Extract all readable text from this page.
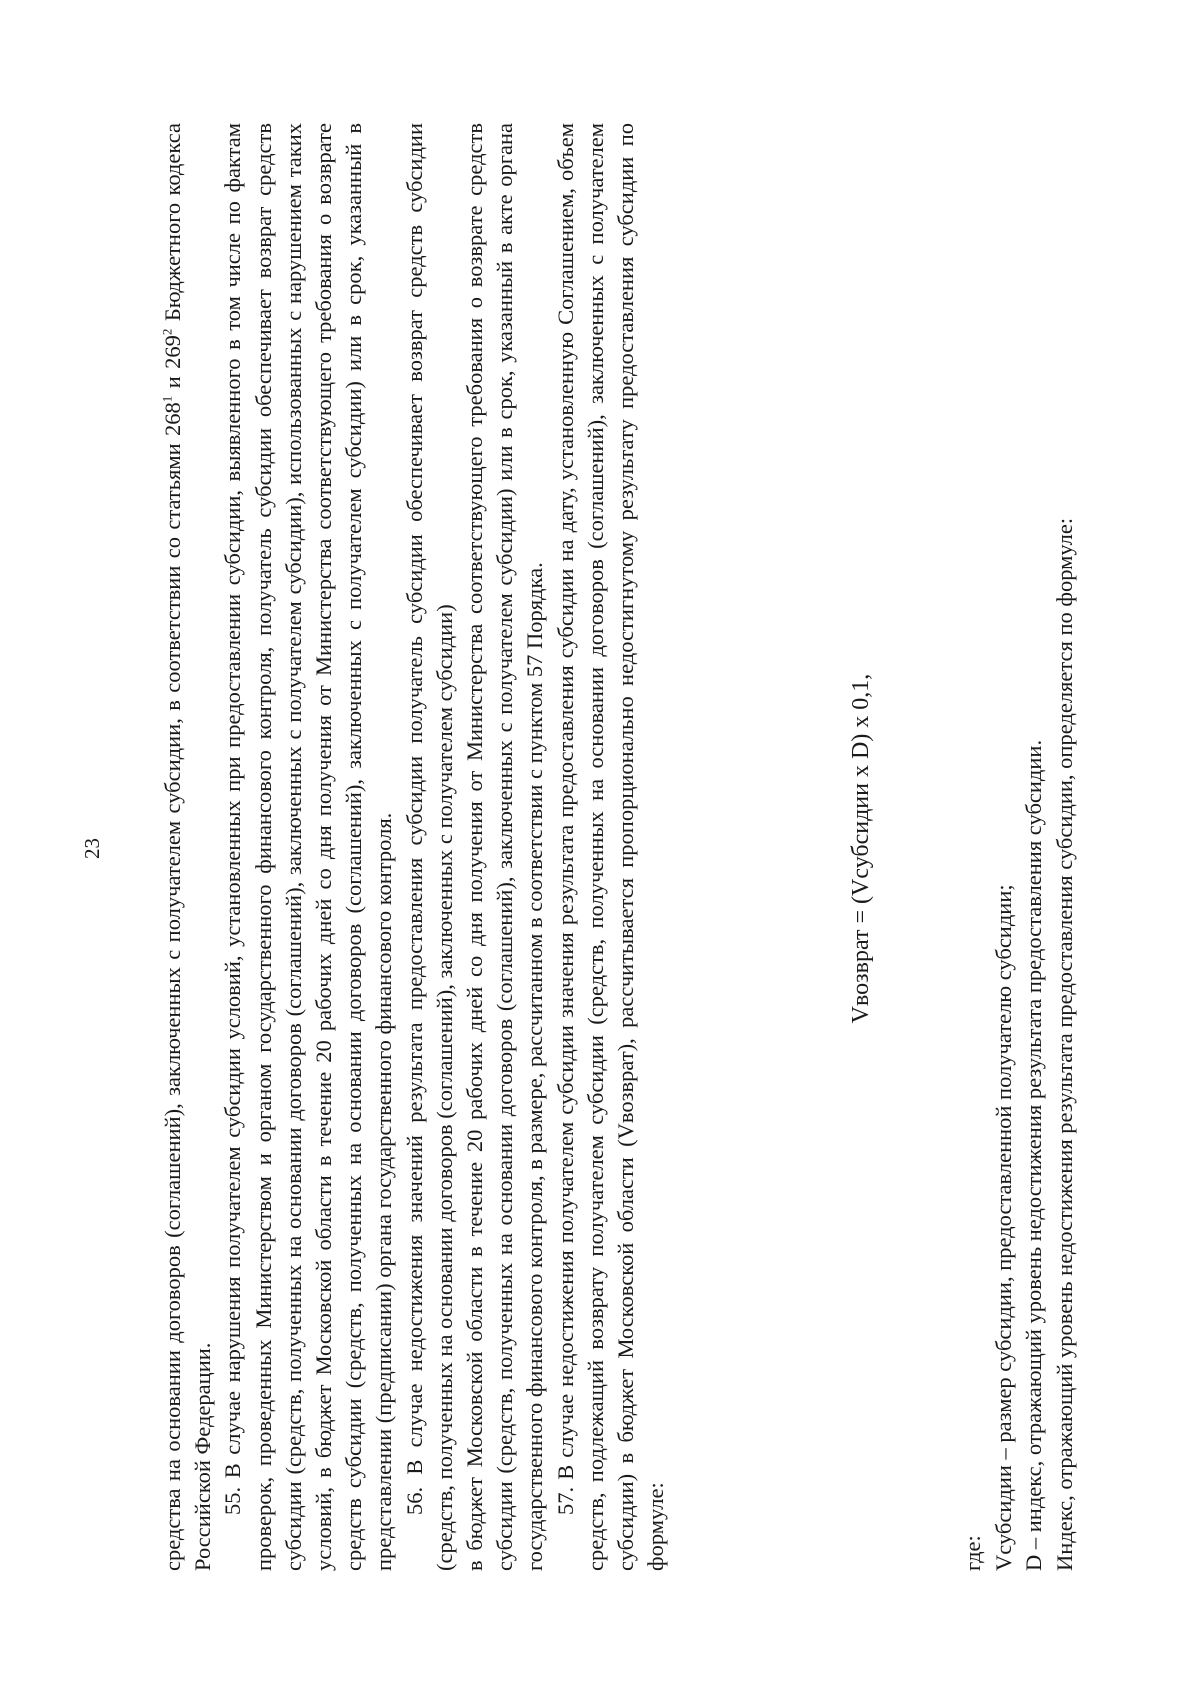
23 средства на основании договоров (соглашений), заключенных с получателем субсидии, в соответствии со статьями $268^1$ и $269^2$ Бюджетного кодекса Российской Федерации. 55. В случае нарушения получателем субсидии условий, установленных при предоставлении субсидии, выявленного в том числе по фактам проверок, проведенных Министерством и органом государственного финансового контроля, получатель субсидии обеспечивает возврат средств субсидии (средств, полученных на основании договоров (соглашений), заключенных с получателем субсидии), использованных с нарушением таких условий, в бюджет Московской области в течение 20 рабочих дней со дня получения от Министерства соответствующего требования о возврате средств субсидии (средств, полученных на основании договоров (соглашений), заключенных с получателем субсидии) или в срок, указанный в представлении (предписании) органа государственного финансового контроля. 56. В случае недостижения значений результата предоставления субсидии получатель субсидии обеспечивает возврат средств субсидии (средств, полученных на основании договоров (соглашений), заключенных с получателем субсидии) в бюджет Московской области в течение 20 рабочих дней со дня получения от Министерства соответствующего требования о возврате средств субсидии (средств, полученных на основании договоров (соглашений), заключенных с получателем субсидии) или в срок, указанный в акте органа государственного финансового контроля, в размере, рассчитанном в соответствии с пунктом 57 Порядка. 57. В случае недостижения получателем субсидии значения результата предоставления субсидии на дату, установленную Соглашением, объем средств, подлежащий возврату получателем субсидии (средств, полученных на основании договоров (соглашений), заключенных с получателем субсидии) в бюджет Московской области (Vвозврат), рассчитывается пропорционально недостигнутому результату предоставления субсидии по формуле:

Vвозврат = (Vсубсидии x D) x 0,1,

где: Vсубсидии – размер субсидии, предоставленной получателю субсидии; D – индекс, отражающий уровень недостижения результата предоставления субсидии. Индекс, отражающий уровень недостижения результата предоставления субсидии, определяется по формуле:
